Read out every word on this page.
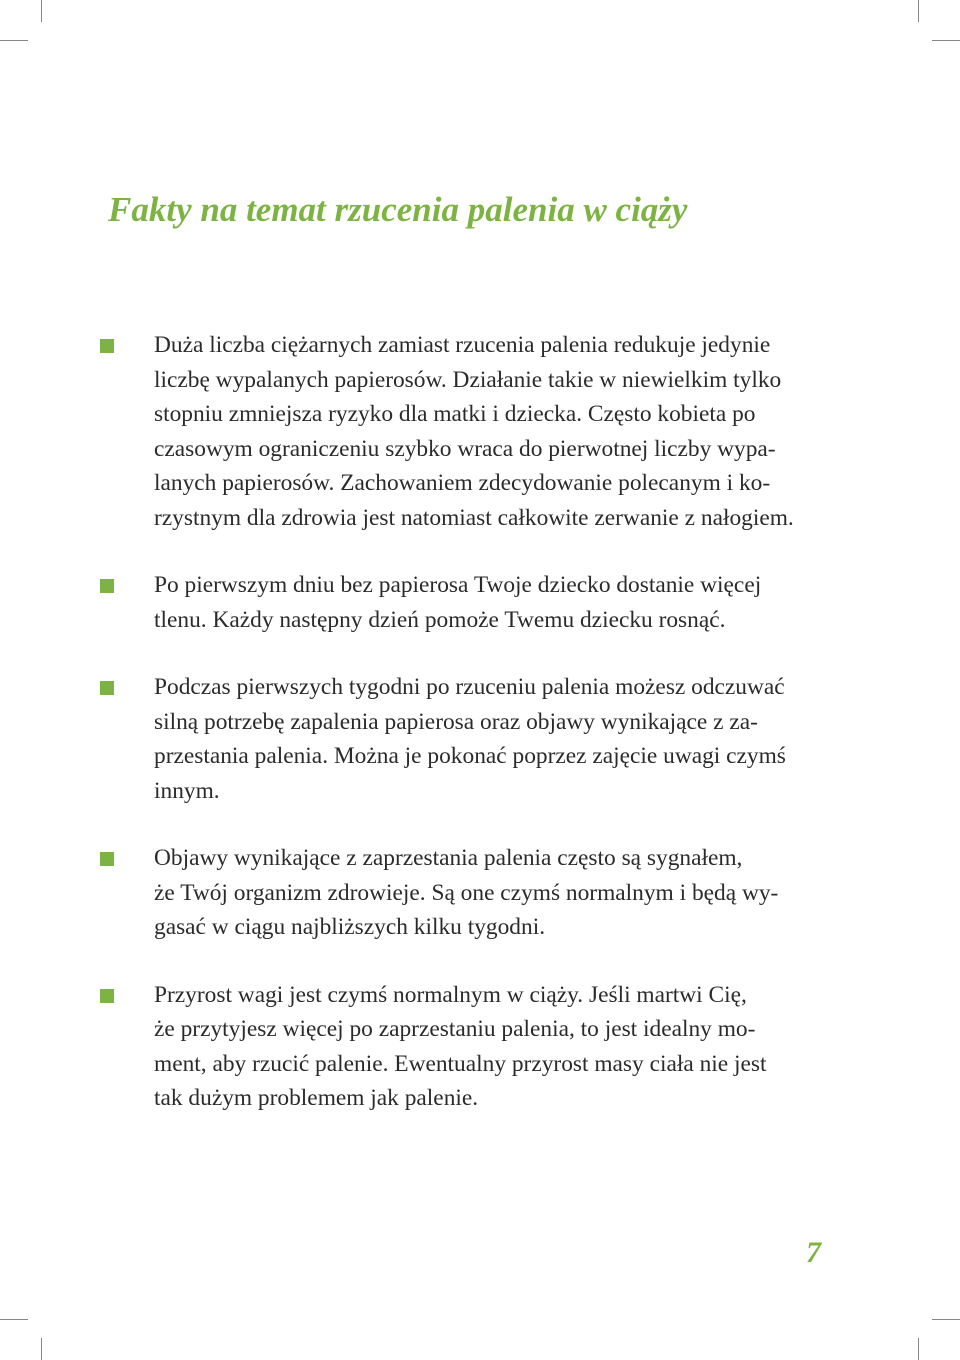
Fakty na temat rzucenia palenia w ciąży
Duża liczba ciężarnych zamiast rzucenia palenia redukuje jedynie
liczbę wypalanych papierosów. Działanie takie w niewielkim tylko
stopniu zmniejsza ryzyko dla matki i dziecka. Często kobieta po
czasowym ograniczeniu szybko wraca do pierwotnej liczby wypa-
lanych papierosów. Zachowaniem zdecydowanie polecanym i ko-
rzystnym dla zdrowia jest natomiast całkowite zerwanie z nałogiem.
Po pierwszym dniu bez papierosa Twoje dziecko dostanie więcej
tlenu. Każdy następny dzień pomoże Twemu dziecku rosnąć.
Podczas pierwszych tygodni po rzuceniu palenia możesz odczuwać
silną potrzebę zapalenia papierosa oraz objawy wynikające z za-
przestania palenia. Można je pokonać poprzez zajęcie uwagi czymś
innym.
Objawy wynikające z zaprzestania palenia często są sygnałem,
że Twój organizm zdrowieje. Są one czymś normalnym i będą wy-
gasać w ciągu najbliższych kilku tygodni.
Przyrost wagi jest czymś normalnym w ciąży. Jeśli martwi Cię,
że przytyjesz więcej po zaprzestaniu palenia, to jest idealny mo-
ment, aby rzucić palenie. Ewentualny przyrost masy ciała nie jest
tak dużym problemem jak palenie.
7
